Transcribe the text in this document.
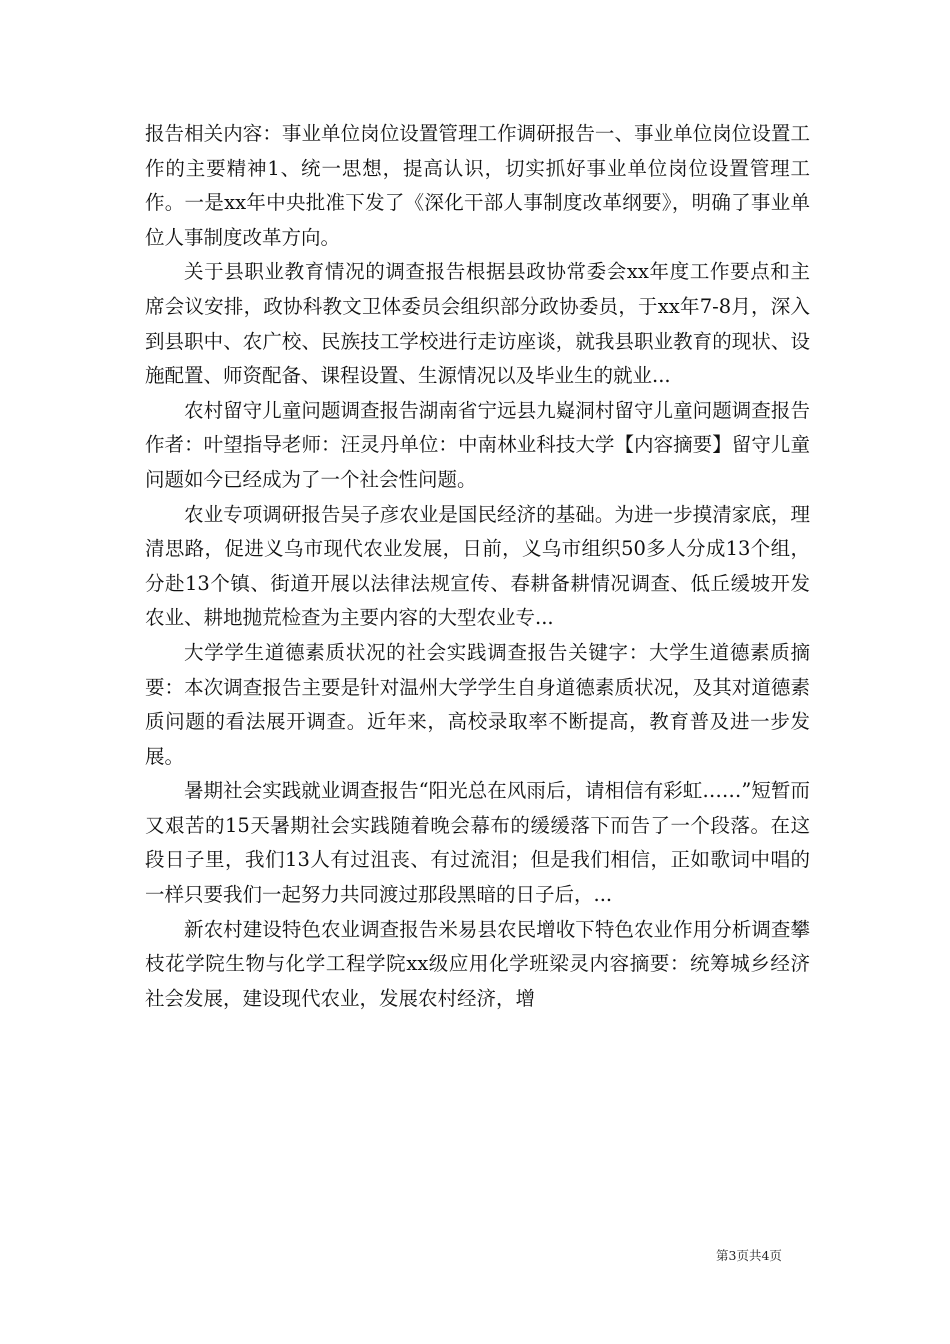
报告相关内容：事业单位岗位设置管理工作调研报告一、事业单位岗位设置工作的主要精神1、统一思想，提高认识，切实抓好事业单位岗位设置管理工作。一是xx年中央批准下发了《深化干部人事制度改革纲要》，明确了事业单位人事制度改革方向。

关于县职业教育情况的调查报告根据县政协常委会xx年度工作要点和主席会议安排，政协科教文卫体委员会组织部分政协委员，于xx年7-8月，深入到县职中、农广校、民族技工学校进行走访座谈，就我县职业教育的现状、设施配置、师资配备、课程设置、生源情况以及毕业生的就业...

农村留守儿童问题调查报告湖南省宁远县九嶷洞村留守儿童问题调查报告作者：叶望指导老师：汪灵丹单位：中南林业科技大学【内容摘要】留守儿童问题如今已经成为了一个社会性问题。

农业专项调研报告吴子彦农业是国民经济的基础。为进一步摸清家底，理清思路，促进义乌市现代农业发展，日前，义乌市组织50多人分成13个组，分赴13个镇、街道开展以法律法规宣传、春耕备耕情况调查、低丘缓坡开发农业、耕地抛荒检查为主要内容的大型农业专...

大学学生道德素质状况的社会实践调查报告关键字：大学生道德素质摘要：本次调查报告主要是针对温州大学学生自身道德素质状况，及其对道德素质问题的看法展开调查。近年来，高校录取率不断提高，教育普及进一步发展。

暑期社会实践就业调查报告“阳光总在风雨后，请相信有彩虹……”短暂而又艰苦的15天暑期社会实践随着晚会幕布的缓缓落下而告了一个段落。在这段日子里，我们13人有过沮丧、有过流泪；但是我们相信，正如歌词中唱的一样只要我们一起努力共同渡过那段黑暗的日子后，...

新农村建设特色农业调查报告米易县农民增收下特色农业作用分析调查攀枝花学院生物与化学工程学院xx级应用化学班梁灵内容摘要：统筹城乡经济社会发展，建设现代农业，发展农村经济，增

第3页共4页
